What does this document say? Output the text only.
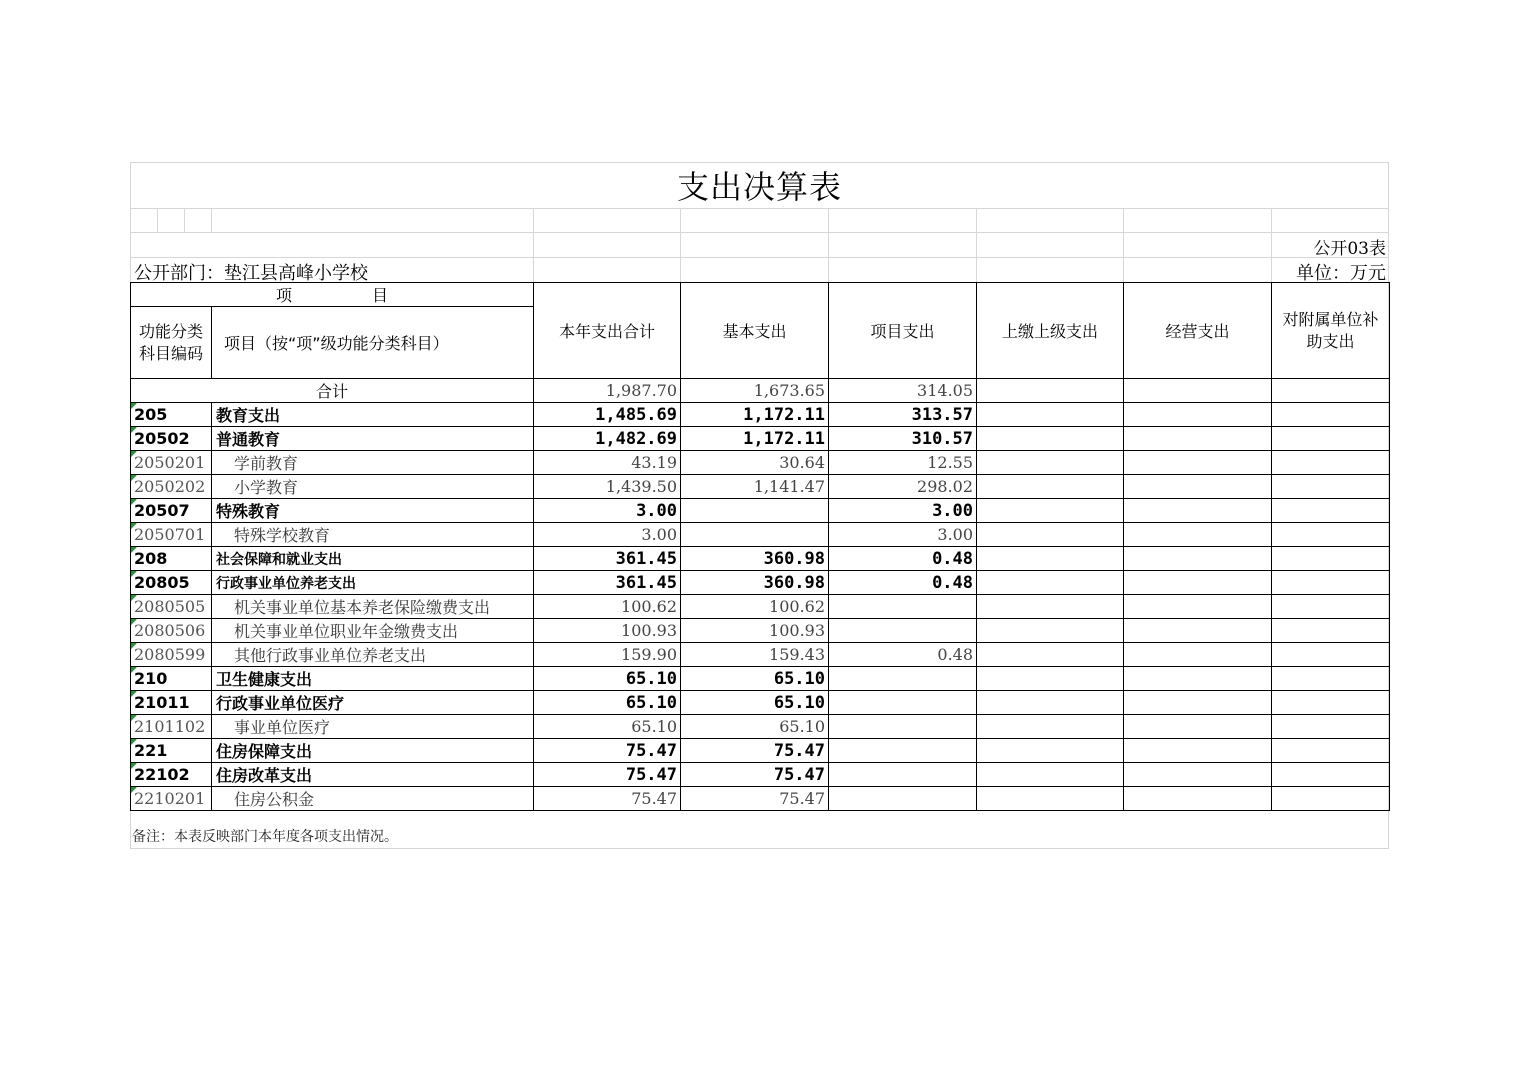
支出决算表
公开03表
公开部门：垫江县高峰小学校	单位：万元
项　　　　　目		本年支出合计	基本支出	项目支出	上缴上级支出	经营支出	对附属单位补助支出
功能分类科目编码	项目（按“项”级功能分类科目）						
合计		1,987.70	1,673.65	314.05			
205	教育支出	1,485.69	1,172.11	313.57			
20502	普通教育	1,482.69	1,172.11	310.57			
2050201	学前教育	43.19	30.64	12.55			
2050202	小学教育	1,439.50	1,141.47	298.02			
20507	特殊教育	3.00		3.00			
2050701	特殊学校教育	3.00		3.00			
208	社会保障和就业支出	361.45	360.98	0.48			
20805	行政事业单位养老支出	361.45	360.98	0.48			
2080505	机关事业单位基本养老保险缴费支出	100.62	100.62				
2080506	机关事业单位职业年金缴费支出	100.93	100.93				
2080599	其他行政事业单位养老支出	159.90	159.43	0.48			
210	卫生健康支出	65.10	65.10				
21011	行政事业单位医疗	65.10	65.10				
2101102	事业单位医疗	65.10	65.10				
221	住房保障支出	75.47	75.47				
22102	住房改革支出	75.47	75.47				
2210201	住房公积金	75.47	75.47				
备注：本表反映部门本年度各项支出情况。
